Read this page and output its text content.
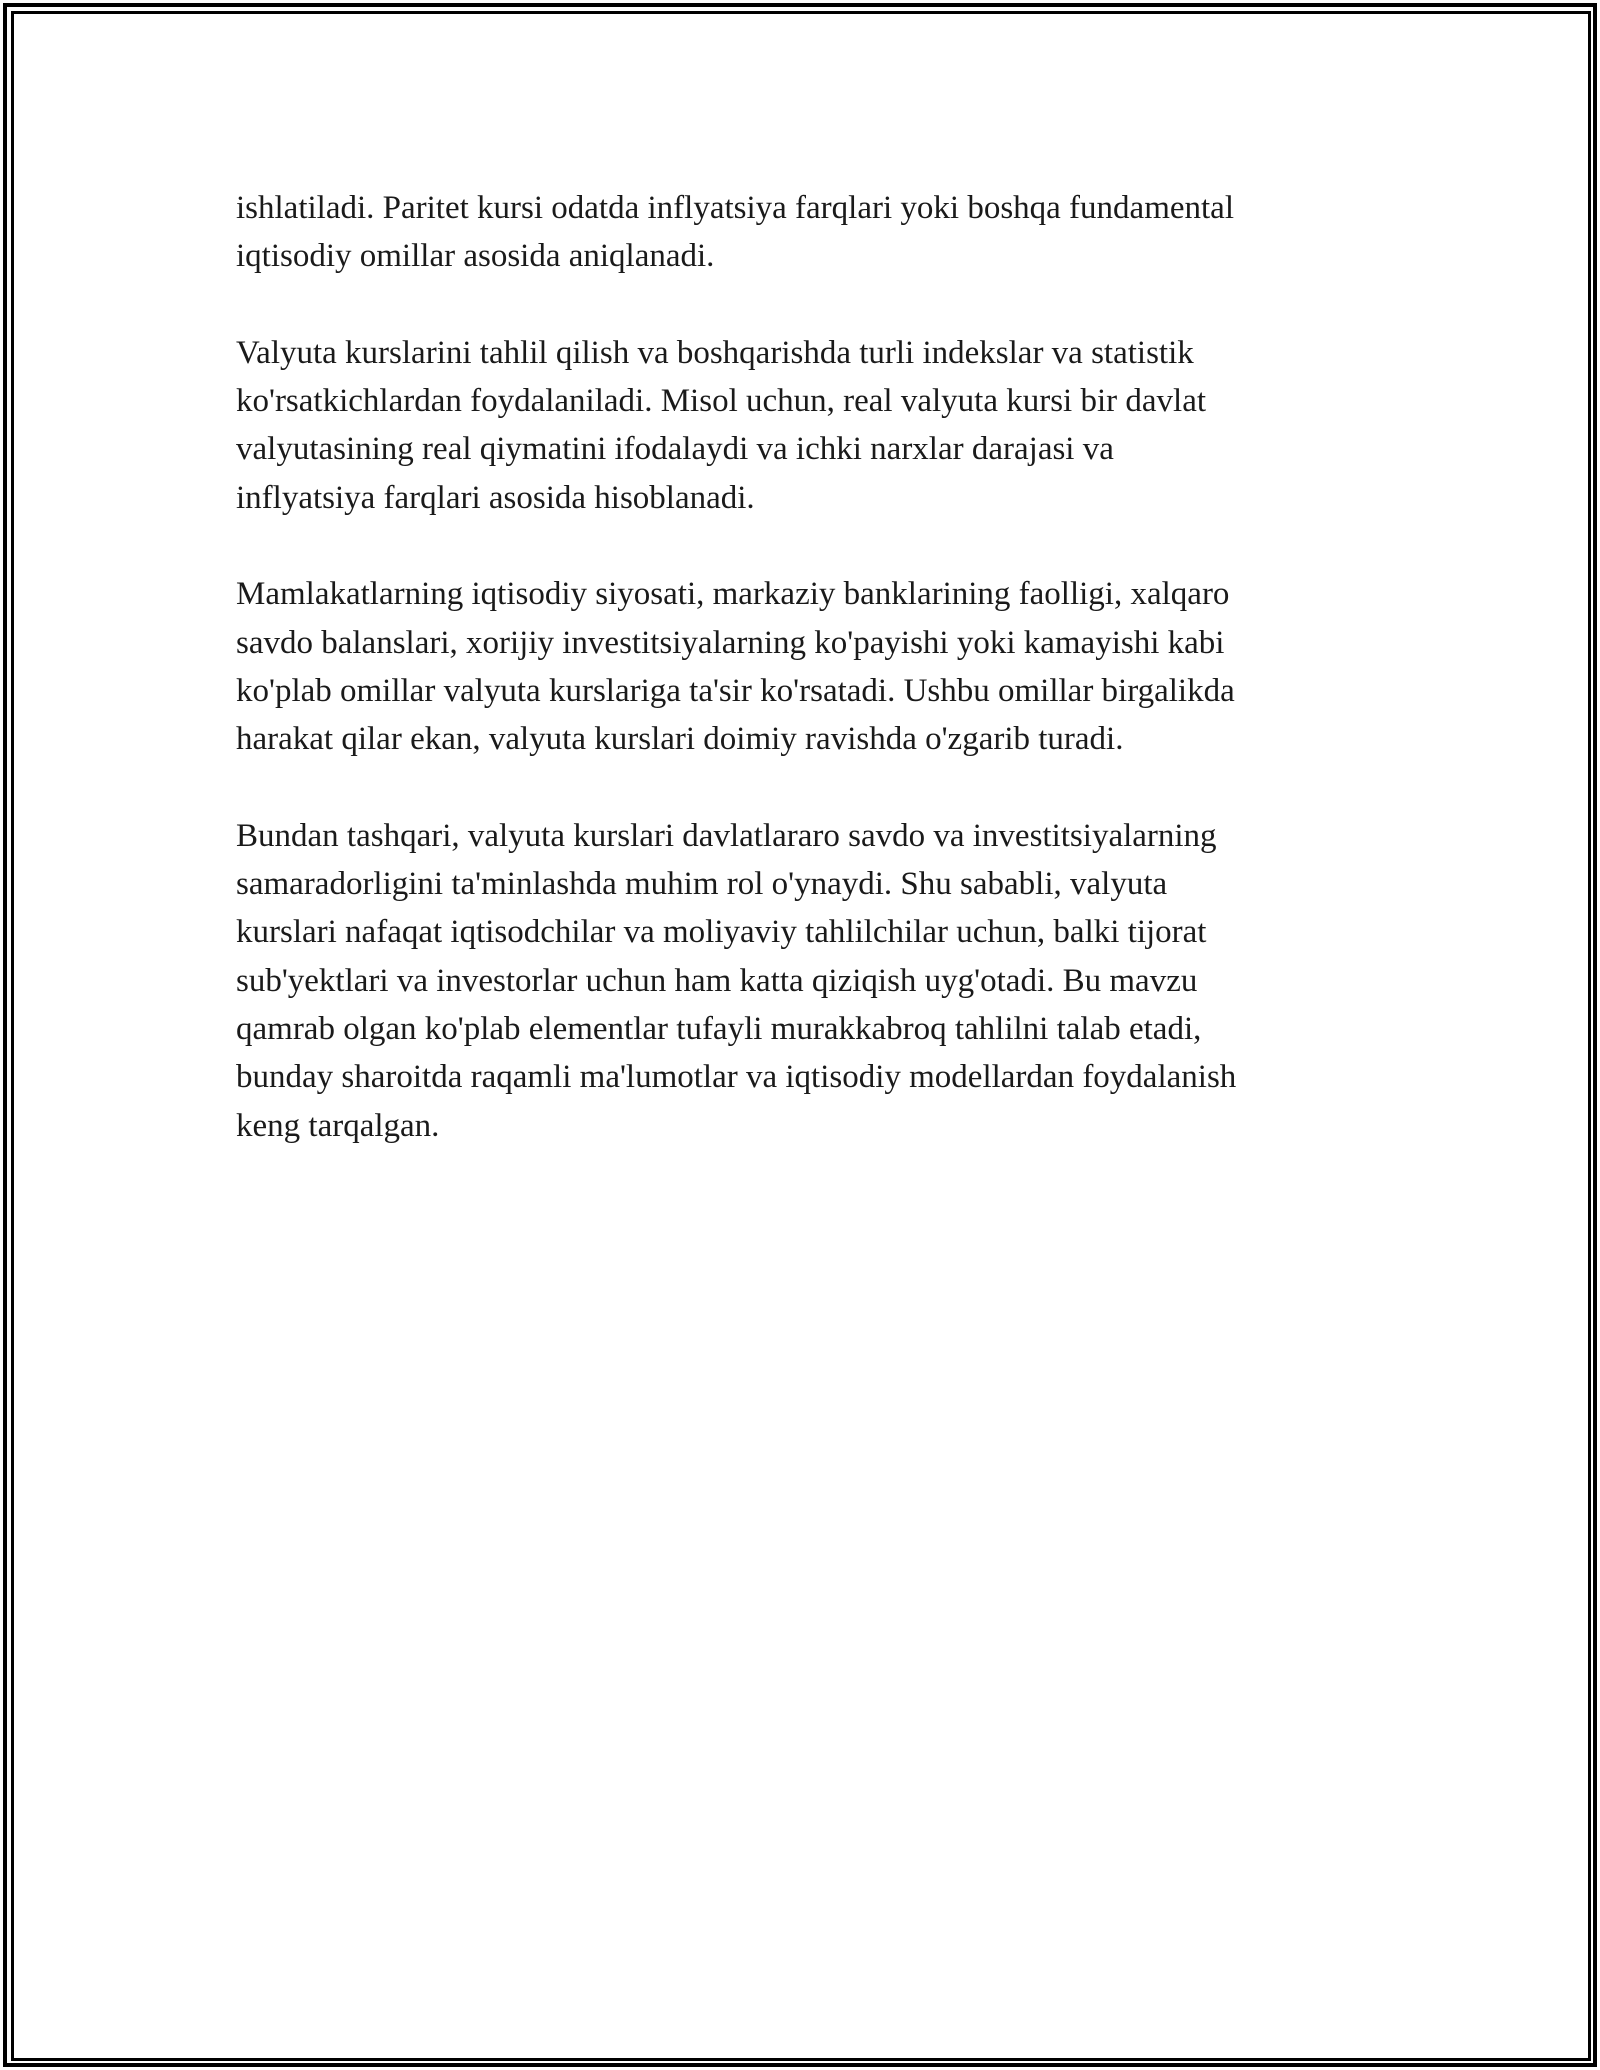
ishlatiladi. Paritet kursi odatda inflyatsiya farqlari yoki boshqa fundamental
iqtisodiy omillar asosida aniqlanadi.

Valyuta kurslarini tahlil qilish va boshqarishda turli indekslar va statistik
ko'rsatkichlardan foydalaniladi. Misol uchun, real valyuta kursi bir davlat
valyutasining real qiymatini ifodalaydi va ichki narxlar darajasi va
inflyatsiya farqlari asosida hisoblanadi.

Mamlakatlarning iqtisodiy siyosati, markaziy banklarining faolligi, xalqaro
savdo balanslari, xorijiy investitsiyalarning ko'payishi yoki kamayishi kabi
ko'plab omillar valyuta kurslariga ta'sir ko'rsatadi. Ushbu omillar birgalikda
harakat qilar ekan, valyuta kurslari doimiy ravishda o'zgarib turadi.

Bundan tashqari, valyuta kurslari davlatlararo savdo va investitsiyalarning
samaradorligini ta'minlashda muhim rol o'ynaydi. Shu sababli, valyuta
kurslari nafaqat iqtisodchilar va moliyaviy tahlilchilar uchun, balki tijorat
sub'yektlari va investorlar uchun ham katta qiziqish uyg'otadi. Bu mavzu
qamrab olgan ko'plab elementlar tufayli murakkabroq tahlilni talab etadi,
bunday sharoitda raqamli ma'lumotlar va iqtisodiy modellardan foydalanish
keng tarqalgan.
